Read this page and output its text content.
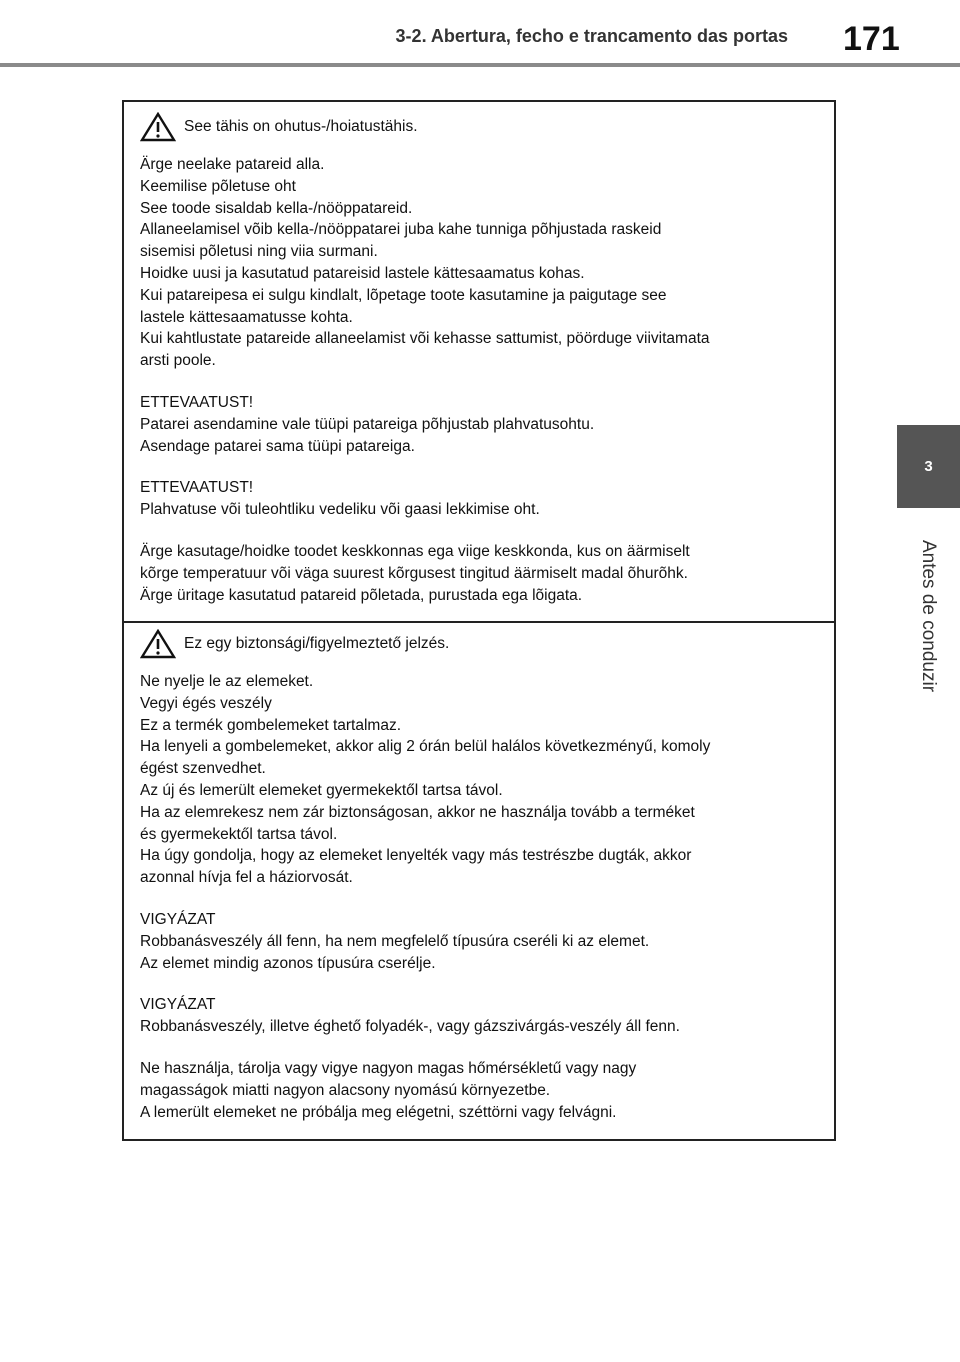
3-2. Abertura, fecho e trancamento das portas 171
3
Antes de conduzir
See tähis on ohutus-/hoiatustähis.

Ärge neelake patareid alla.

Keemilise põletuse oht

See toode sisaldab kella-/nööppatareid.

Allaneelamisel võib kella-/nööppatarei juba kahe tunniga põhjustada raskeid

sisemisi põletusi ning viia surmani.

Hoidke uusi ja kasutatud patareisid lastele kättesaamatus kohas.

Kui patareipesa ei sulgu kindlalt, lõpetage toote kasutamine ja paigutage see

lastele kättesaamatusse kohta.

Kui kahtlustate patareide allaneelamist või kehasse sattumist, pöörduge viivitamata

arsti poole.

ETTEVAATUST!

Patarei asendamine vale tüüpi patareiga põhjustab plahvatusohtu.

Asendage patarei sama tüüpi patareiga.

ETTEVAATUST!

Plahvatuse või tuleohtliku vedeliku või gaasi lekkimise oht.

Ärge kasutage/hoidke toodet keskkonnas ega viige keskkonda, kus on äärmiselt

kõrge temperatuur või väga suurest kõrgusest tingitud äärmiselt madal õhurõhk.

Ärge üritage kasutatud patareid põletada, purustada ega lõigata.

Ez egy biztonsági/figyelmeztető jelzés.

Ne nyelje le az elemeket.

Vegyi égés veszély

Ez a termék gombelemeket tartalmaz.

Ha lenyeli a gombelemeket, akkor alig 2 órán belül halálos következményű, komoly

égést szenvedhet.

Az új és lemerült elemeket gyermekektől tartsa távol.

Ha az elemrekesz nem zár biztonságosan, akkor ne használja tovább a terméket

és gyermekektől tartsa távol.

Ha úgy gondolja, hogy az elemeket lenyelték vagy más testrészbe dugták, akkor

azonnal hívja fel a háziorvosát.

VIGYÁZAT

Robbanásveszély áll fenn, ha nem megfelelő típusúra cseréli ki az elemet.

Az elemet mindig azonos típusúra cserélje.

VIGYÁZAT

Robbanásveszély, illetve éghető folyadék-, vagy gázszivárgás-veszély áll fenn.

Ne használja, tárolja vagy vigye nagyon magas hőmérsékletű vagy nagy

magasságok miatti nagyon alacsony nyomású környezetbe.

A lemerült elemeket ne próbálja meg elégetni, széttörni vagy felvágni.
